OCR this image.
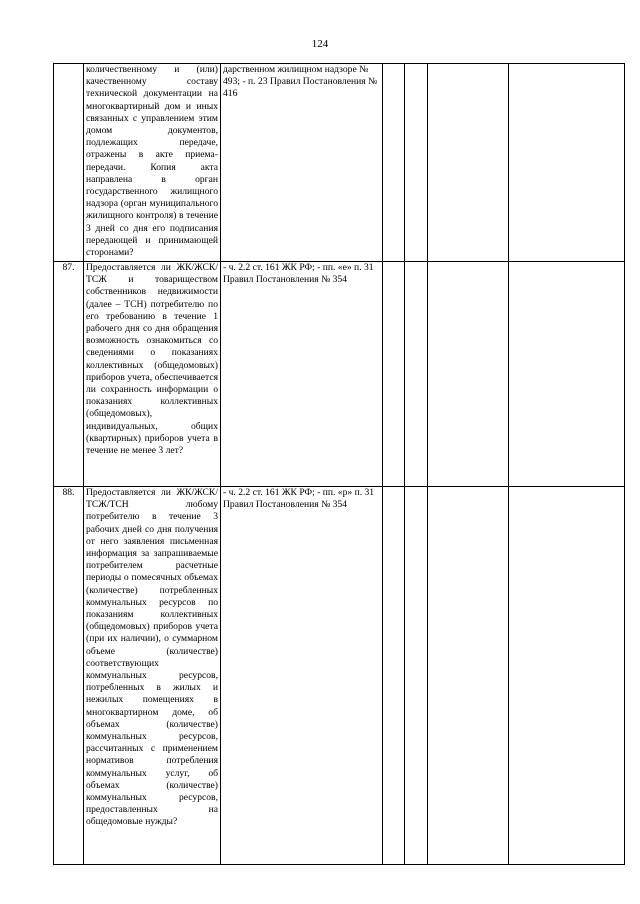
124
	количественному и (или) качественному составу технической документации на многоквартирный дом и иных связанных с управлением этим домом документов, подлежащих передаче, отражены в акте приема-передачи. Копия акта направлена в орган государственного жилищного надзора (орган муниципального жилищного контроля) в течение 3 дней со дня его подписания передающей и принимающей сторонами?	дарственном жилищном надзоре № 493; - п. 23 Правил Постановления № 416				
87.	Предоставляется ли ЖК/ЖСК/ТСЖ и товариществом собственников недвижимости (далее – ТСН) потребителю по его требованию в течение 1 рабочего дня со дня обращения возможность ознакомиться со сведениями о показаниях коллективных (общедомовых) приборов учета, обеспечивается ли сохранность информации о показаниях коллективных (общедомовых), индивидуальных, общих (квартирных) приборов учета в течение не менее 3 лет?	- ч. 2.2 ст. 161 ЖК РФ; - пп. «е» п. 31 Правил Постановления № 354				
88.	Предоставляется ли ЖК/ЖСК/ТСЖ/ТСН любому потребителю в течение 3 рабочих дней со дня получения от него заявления письменная информация за запрашиваемые потребителем расчетные периоды о помесячных объемах (количестве) потребленных коммунальных ресурсов по показаниям коллективных (общедомовых) приборов учета (при их наличии), о суммарном объеме (количестве) соответствующих коммунальных ресурсов, потребленных в жилых и нежилых помещениях в многоквартирном доме, об объемах (количестве) коммунальных ресурсов, рассчитанных с применением нормативов потребления коммунальных услуг, об объемах (количестве) коммунальных ресурсов, предоставленных на общедомовые нужды?	- ч. 2.2 ст. 161 ЖК РФ; - пп. «р» п. 31 Правил Постановления № 354				
